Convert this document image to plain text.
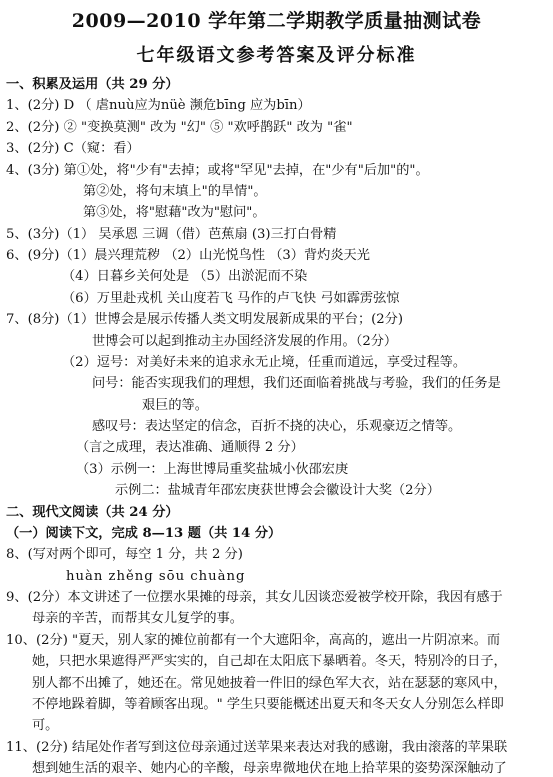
2009—2010 学年第二学期教学质量抽测试卷
七年级语文参考答案及评分标准
一、积累及运用（共 29 分）
1、(2分) D （ 虐nuù应为nüè 濒危bīng 应为bīn）
2、(2分) ② "变换莫测" 改为 "幻" ⑤ "欢呼鹊跃" 改为 "雀"
3、(2分) C（窥：看）
4、(3分) 第①处，将"少有"去掉；或将"罕见"去掉，在"少有"后加"的"。
第②处，将句末填上"的旱情"。
第③处，将"慰藉"改为"慰问"。
5、(3分)（1） 吴承恩 三调（借）芭蕉扇 (3)三打白骨精
6、(9分)（1）晨兴理荒秽 （2）山光悦鸟性 （3）背灼炎天光
（4）日暮乡关何处是 （5）出淤泥而不染
（6）万里赴戎机 关山度若飞 马作的卢飞快 弓如霹雳弦惊
7、(8分)（1）世博会是展示传播人类文明发展新成果的平台；(2分)
世博会可以起到推动主办国经济发展的作用。（2分）
（2）逗号：对美好未来的追求永无止境，任重而道远，享受过程等。
问号：能否实现我们的理想，我们还面临着挑战与考验，我们的任务是
艰巨的等。
感叹号：表达坚定的信念，百折不挠的决心，乐观豪迈之情等。
（言之成理，表达准确、通顺得 2 分）
（3）示例一：上海世博局重奖盐城小伙邵宏庚
示例二：盐城青年邵宏庚获世博会会徽设计大奖（2分）
二、现代文阅读（共 24 分）
（一）阅读下文，完成 8—13 题（共 14 分）
8、(写对两个即可，每空 1 分，共 2 分)
huàn zhěng sōu chuàng
9、(2分）本文讲述了一位摆水果摊的母亲，其女儿因谈恋爱被学校开除，我因有感于
母亲的辛苦，而帮其女儿复学的事。
10、(2分) "夏天，别人家的摊位前都有一个大遮阳伞，高高的，遮出一片阴凉来。而
她，只把水果遮得严严实实的，自己却在太阳底下暴晒着。冬天，特别冷的日子，
别人都不出摊了，她还在。常见她披着一件旧的绿色军大衣，站在瑟瑟的寒风中，
不停地跺着脚，等着顾客出现。" 学生只要能概述出夏天和冬天女人分别怎么样即
可。
11、(2分) 结尾处作者写到这位母亲通过送苹果来表达对我的感谢，我由滚落的苹果联
想到她生活的艰辛、她内心的辛酸，母亲卑微地伏在地上拾苹果的姿势深深触动了
